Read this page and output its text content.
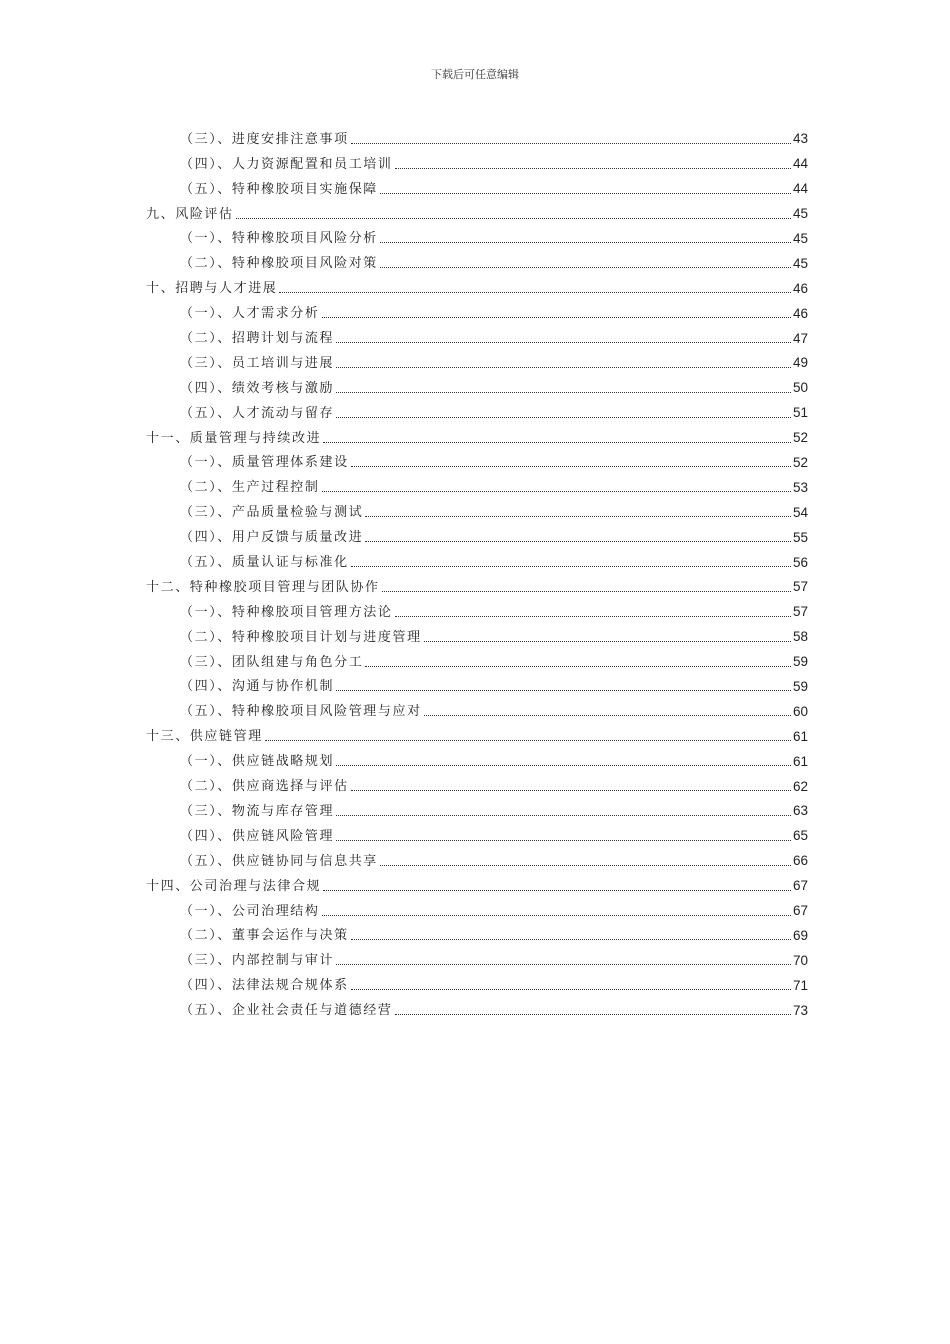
下载后可任意编辑
（三）、进度安排注意事项	43
（四）、人力资源配置和员工培训	44
（五）、特种橡胶项目实施保障	44
九、风险评估	45
（一）、特种橡胶项目风险分析	45
（二）、特种橡胶项目风险对策	45
十、招聘与人才进展	46
（一）、人才需求分析	46
（二）、招聘计划与流程	47
（三）、员工培训与进展	49
（四）、绩效考核与激励	50
（五）、人才流动与留存	51
十一、质量管理与持续改进	52
（一）、质量管理体系建设	52
（二）、生产过程控制	53
（三）、产品质量检验与测试	54
（四）、用户反馈与质量改进	55
（五）、质量认证与标准化	56
十二、特种橡胶项目管理与团队协作	57
（一）、特种橡胶项目管理方法论	57
（二）、特种橡胶项目计划与进度管理	58
（三）、团队组建与角色分工	59
（四）、沟通与协作机制	59
（五）、特种橡胶项目风险管理与应对	60
十三、供应链管理	61
（一）、供应链战略规划	61
（二）、供应商选择与评估	62
（三）、物流与库存管理	63
（四）、供应链风险管理	65
（五）、供应链协同与信息共享	66
十四、公司治理与法律合规	67
（一）、公司治理结构	67
（二）、董事会运作与决策	69
（三）、内部控制与审计	70
（四）、法律法规合规体系	71
（五）、企业社会责任与道德经营	73
